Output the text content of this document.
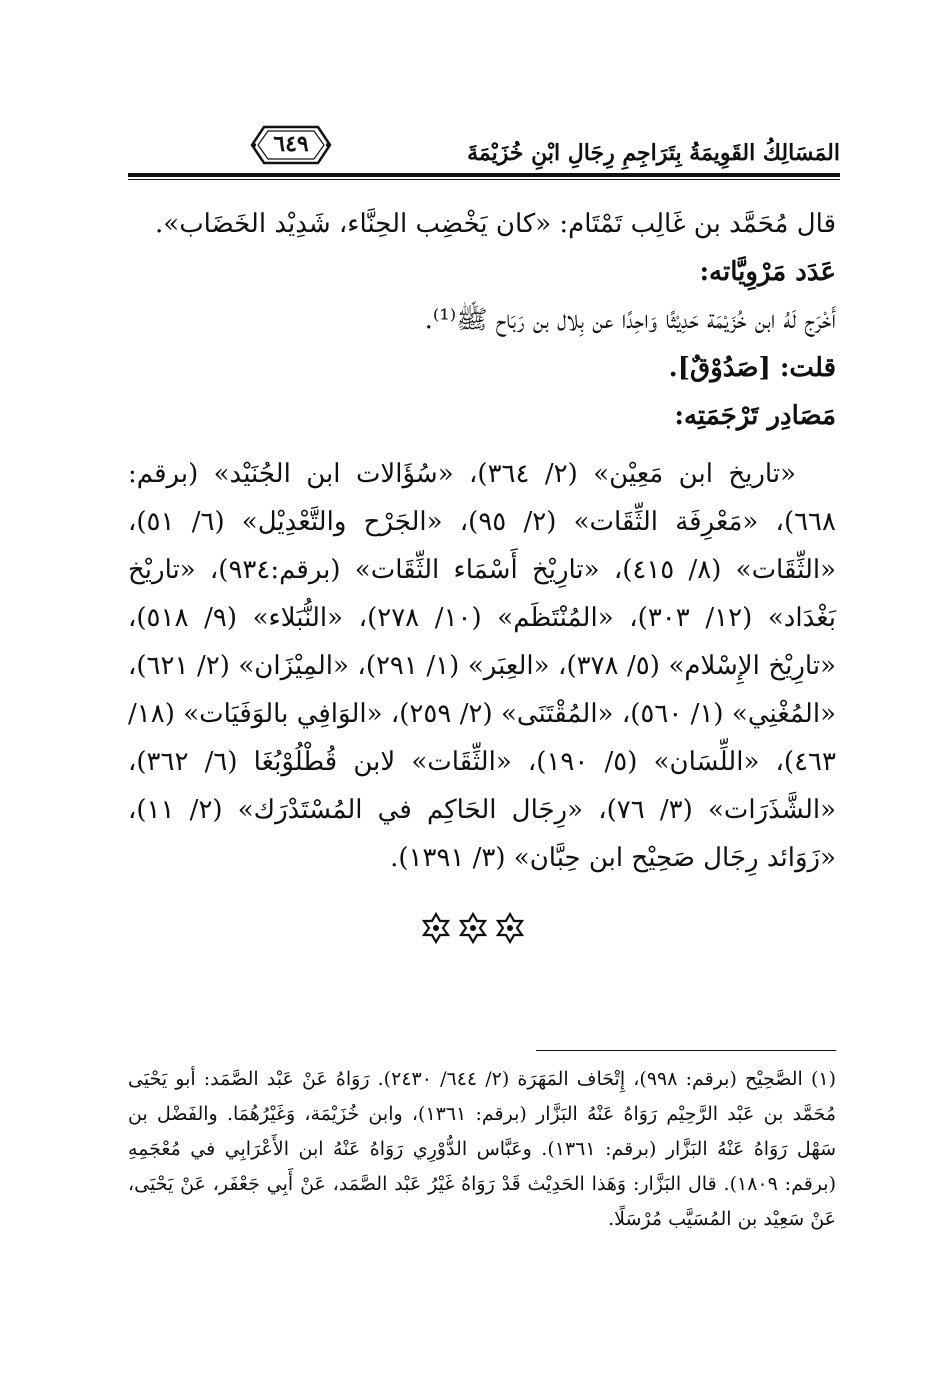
المَسَالِكُ القَوِيمَةُ بِتَرَاجِمِ رِجَالِ ابْنِ خُزَيْمَةَ
٦٤٩

قال مُحَمَّد بن غَالِب تَمْتَام: «كان يَخْضِب الحِنَّاء، شَدِيْد الخَضَاب».

عَدَد مَرْوِيَّاته:

أَخْرَج لَهُ ابن خُزَيْمَة حَدِيْثًا وَاحِدًا عن بِلال بن رَبَاح ﷺ⁽¹⁾.

قلت: [صَدُوْقٌ].

مَصَادِر تَرْجَمَتِه:

«تاريخ ابن مَعِيْن» (٢/ ٣٦٤)، «سُؤَالات ابن الجُنَيْد» (برقم: ٦٦٨)، «مَعْرِفَة الثِّقَات» (٢/ ٩٥)، «الجَرْح والتَّعْدِيْل» (٦/ ٥١)، «الثِّقَات» (٨/ ٤١٥)، «تارِيْخ أَسْمَاء الثِّقَات» (برقم:٩٣٤)، «تاريْخ بَغْدَاد» (١٢/ ٣٠٣)، «المُنْتَظَم» (١٠/ ٢٧٨)، «النُّبَلاء» (٩/ ٥١٨)، «تارِيْخ الإِسْلام» (٥/ ٣٧٨)، «العِبَر» (١/ ٢٩١)، «المِيْزَان» (٢/ ٦٢١)، «المُغْنِي» (١/ ٥٦٠)، «المُقْتَنَى» (٢/ ٢٥٩)، «الوَافِي بالوَفَيَات» (١٨/ ٤٦٣)، «اللِّسَان» (٥/ ١٩٠)، «الثِّقَات» لابن قُطْلُوْبُغَا (٦/ ٣٦٢)، «الشَّذَرَات» (٣/ ٧٦)، «رِجَال الحَاكِم في المُسْتَدْرَك» (٢/ ١١)، «زَوَائد رِجَال صَحِيْح ابن حِبَّان» (٣/ ١٣٩١).

(١) الصَّحِيْح (برقم: ٩٩٨)، إِتْحَاف المَهَرَة (٢/ ٦٤٤/ ٢٤٣٠). رَوَاهُ عَنْ عَبْد الصَّمَد: أبو يَحْيَى مُحَمَّد بن عَبْد الرَّحِيْم رَوَاهُ عَنْهُ البَزَّار (برقم: ١٣٦١)، وابن خُزَيْمَة، وَغَيْرُهُمَا. والفَضْل بن سَهْل رَوَاهُ عَنْهُ البَزَّار (برقم: ١٣٦١). وعَبَّاس الدُّوْرِي رَوَاهُ عَنْهُ ابن الأَعْرَابِي في مُعْجَمِهِ (برقم: ١٨٠٩). قال البَزَّار: وَهَذا الحَدِيْث قَدْ رَوَاهُ غَيْرُ عَبْد الصَّمَد، عَنْ أَبِي جَعْفَر، عَنْ يَحْيَى، عَنْ سَعِيْد بن المُسَيَّب مُرْسَلًا.
